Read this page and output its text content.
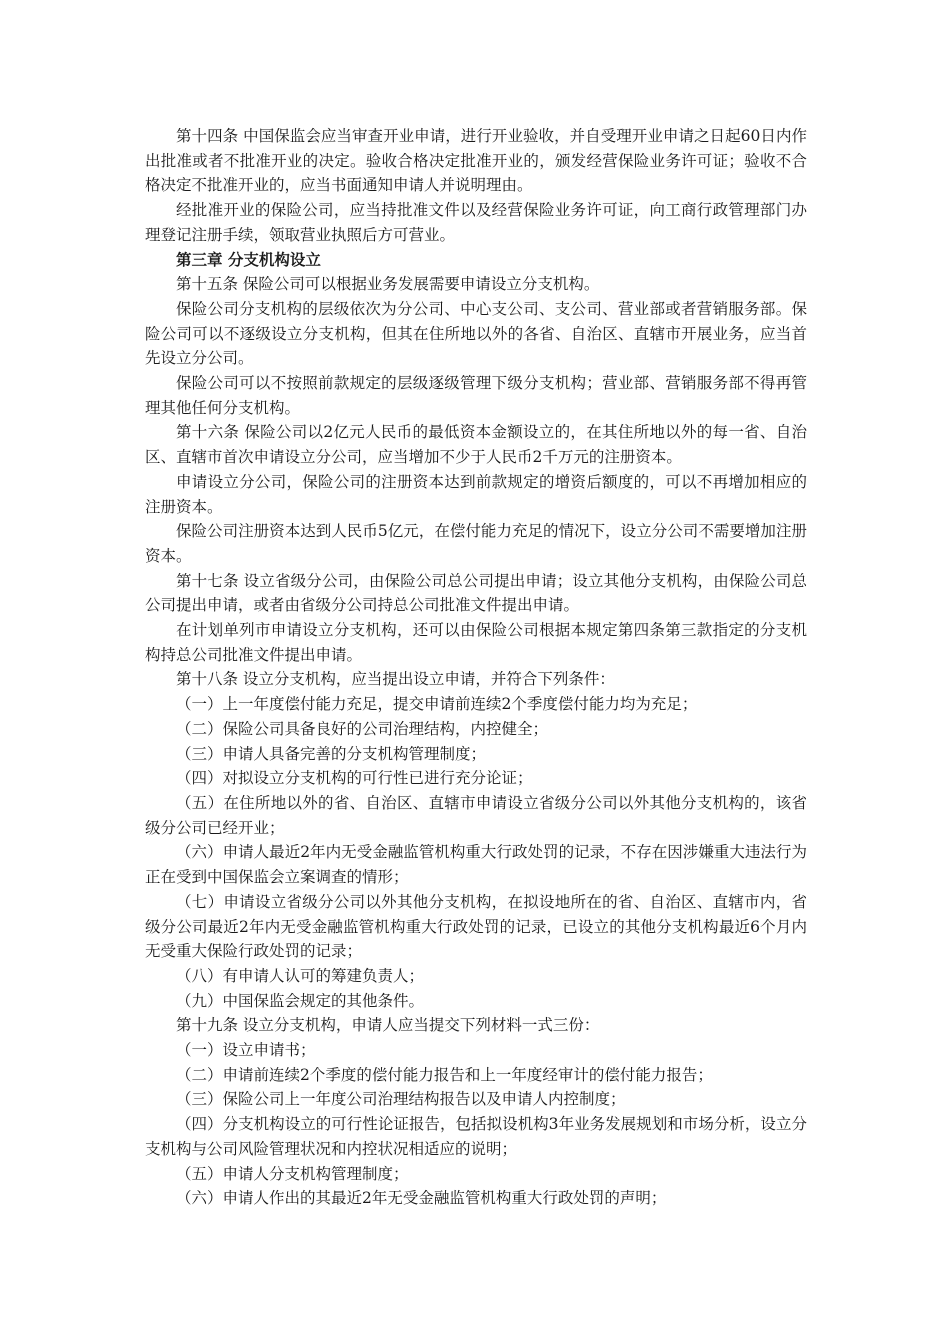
第十四条 中国保监会应当审查开业申请，进行开业验收，并自受理开业申请之日起60日内作出批准或者不批准开业的决定。验收合格决定批准开业的，颁发经营保险业务许可证；验收不合格决定不批准开业的，应当书面通知申请人并说明理由。

经批准开业的保险公司，应当持批准文件以及经营保险业务许可证，向工商行政管理部门办理登记注册手续，领取营业执照后方可营业。

第三章 分支机构设立

第十五条 保险公司可以根据业务发展需要申请设立分支机构。

保险公司分支机构的层级依次为分公司、中心支公司、支公司、营业部或者营销服务部。保险公司可以不逐级设立分支机构，但其在住所地以外的各省、自治区、直辖市开展业务，应当首先设立分公司。

保险公司可以不按照前款规定的层级逐级管理下级分支机构；营业部、营销服务部不得再管理其他任何分支机构。

第十六条 保险公司以2亿元人民币的最低资本金额设立的，在其住所地以外的每一省、自治区、直辖市首次申请设立分公司，应当增加不少于人民币2千万元的注册资本。

申请设立分公司，保险公司的注册资本达到前款规定的增资后额度的，可以不再增加相应的注册资本。

保险公司注册资本达到人民币5亿元，在偿付能力充足的情况下，设立分公司不需要增加注册资本。

第十七条 设立省级分公司，由保险公司总公司提出申请；设立其他分支机构，由保险公司总公司提出申请，或者由省级分公司持总公司批准文件提出申请。

在计划单列市申请设立分支机构，还可以由保险公司根据本规定第四条第三款指定的分支机构持总公司批准文件提出申请。

第十八条 设立分支机构，应当提出设立申请，并符合下列条件：

（一）上一年度偿付能力充足，提交申请前连续2个季度偿付能力均为充足；

（二）保险公司具备良好的公司治理结构，内控健全；

（三）申请人具备完善的分支机构管理制度；

（四）对拟设立分支机构的可行性已进行充分论证；

（五）在住所地以外的省、自治区、直辖市申请设立省级分公司以外其他分支机构的，该省级分公司已经开业；

（六）申请人最近2年内无受金融监管机构重大行政处罚的记录，不存在因涉嫌重大违法行为正在受到中国保监会立案调查的情形；

（七）申请设立省级分公司以外其他分支机构，在拟设地所在的省、自治区、直辖市内，省级分公司最近2年内无受金融监管机构重大行政处罚的记录，已设立的其他分支机构最近6个月内无受重大保险行政处罚的记录；

（八）有申请人认可的筹建负责人；

（九）中国保监会规定的其他条件。

第十九条 设立分支机构，申请人应当提交下列材料一式三份：

（一）设立申请书；

（二）申请前连续2个季度的偿付能力报告和上一年度经审计的偿付能力报告；

（三）保险公司上一年度公司治理结构报告以及申请人内控制度；

（四）分支机构设立的可行性论证报告，包括拟设机构3年业务发展规划和市场分析，设立分支机构与公司风险管理状况和内控状况相适应的说明；

（五）申请人分支机构管理制度；

（六）申请人作出的其最近2年无受金融监管机构重大行政处罚的声明；
